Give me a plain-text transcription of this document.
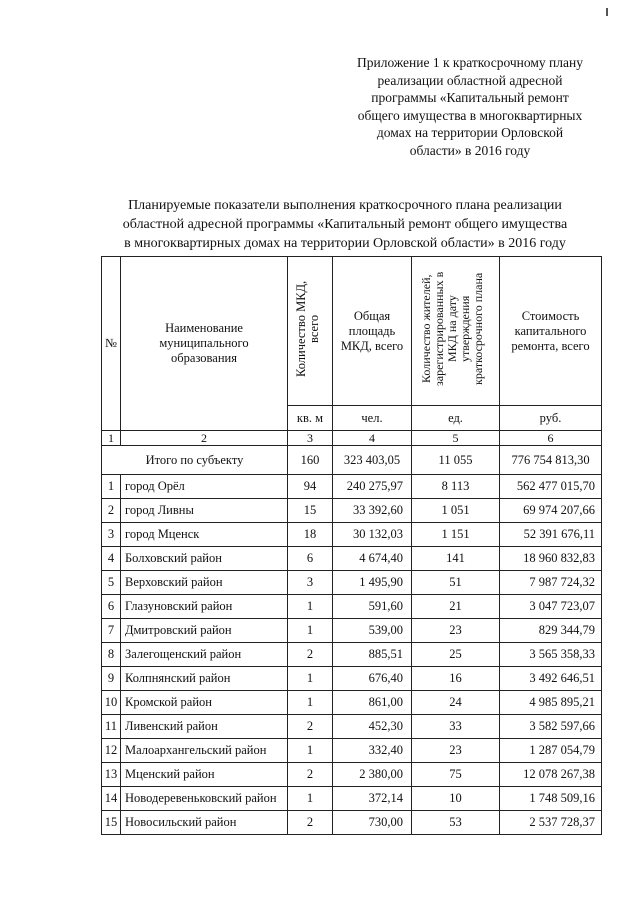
Приложение 1 к краткосрочному плану
реализации областной адресной
программы «Капитальный ремонт
общего имущества в многоквартирных
домах на территории Орловской
области» в 2016 году
Планируемые показатели выполнения краткосрочного плана реализации
областной адресной программы «Капитальный ремонт общего имущества
в многоквартирных домах на территории Орловской области» в 2016 году
№	Наименование муниципального образования	Количество МКД, всего	Общая площадь МКД, всего	Количество жителей, зарегистрированных в МКД на дату утверждения краткосрочного плана	Стоимость капитального ремонта, всего
		кв. м	чел.	ед.	руб.
1	2	3	4	5	6
Итого по субъекту		160	323 403,05	11 055	776 754 813,30
1	город Орёл	94	240 275,97	8 113	562 477 015,70
2	город Ливны	15	33 392,60	1 051	69 974 207,66
3	город Мценск	18	30 132,03	1 151	52 391 676,11
4	Болховский район	6	4 674,40	141	18 960 832,83
5	Верховский район	3	1 495,90	51	7 987 724,32
6	Глазуновский район	1	591,60	21	3 047 723,07
7	Дмитровский район	1	539,00	23	829 344,79
8	Залегощенский район	2	885,51	25	3 565 358,33
9	Колпнянский район	1	676,40	16	3 492 646,51
10	Кромской район	1	861,00	24	4 985 895,21
11	Ливенский район	2	452,30	33	3 582 597,66
12	Малоархангельский район	1	332,40	23	1 287 054,79
13	Мценский район	2	2 380,00	75	12 078 267,38
14	Новодеревеньковский район	1	372,14	10	1 748 509,16
15	Новосильский район	2	730,00	53	2 537 728,37
